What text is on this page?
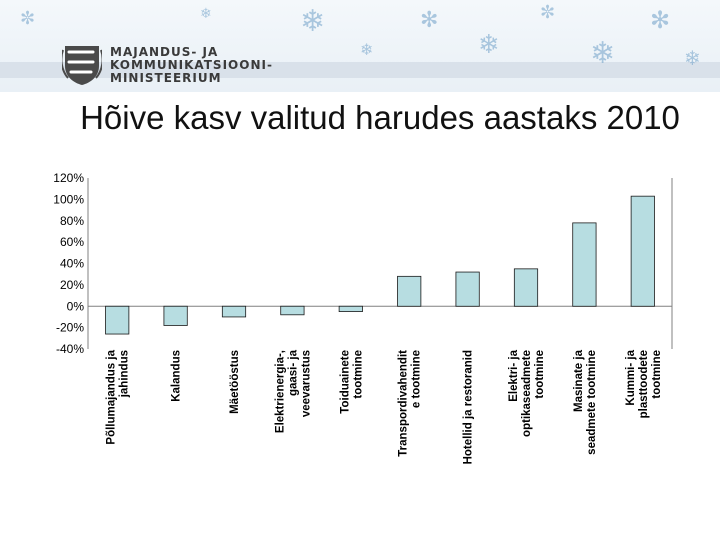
❄
❄
✻
❄
✼
❄
✻
❄
✼	❄
MAJANDUS- JA
KOMMUNIKATSIOONI-
MINISTEERIUM
Hõive kasv valitud harudes aastaks 2010
120%
100%
80%
60%
40%
20%
0%
-20%
-40%
Põllumajandus ja jahindus	Kalandus	Mäetööstus	Elektrienergia-, gaasi- ja veevarustus Toiduainete tootmine	Transpordivahendit e tootmine	Hotellid ja restoranid	Elektri- ja optikaseadmete tootmine Masinate ja seadmete tootmine Kummi- ja plasttoodete tootmine
